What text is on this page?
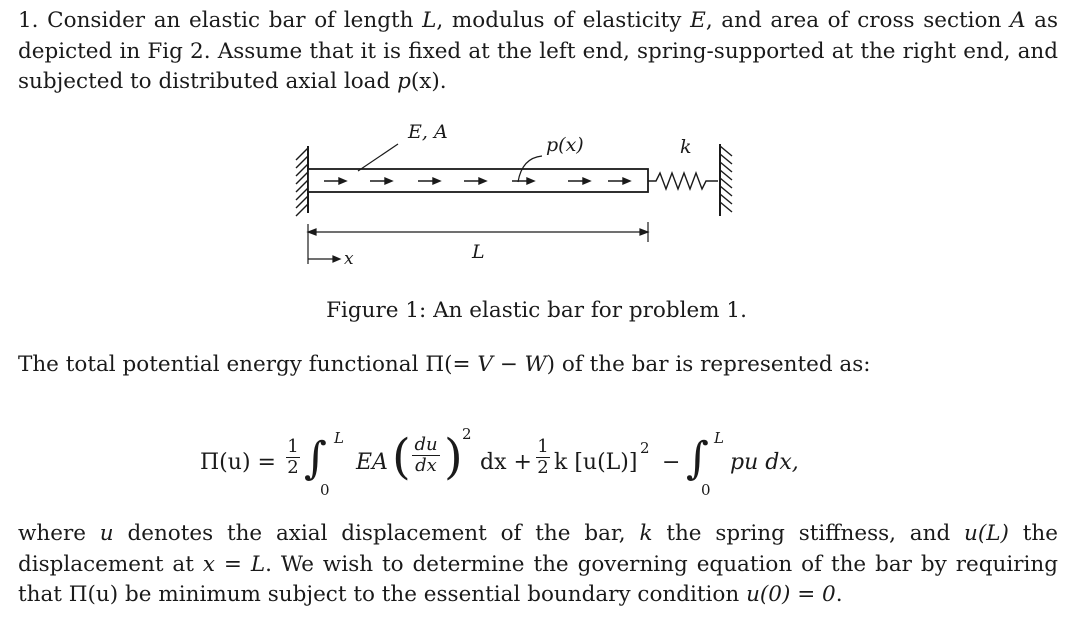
1. Consider an elastic bar of length L, modulus of elasticity E, and area of cross section A as depicted in Fig 2. Assume that it is fixed at the left end, spring-supported at the right end, and subjected to distributed axial load p(x).
E, A
p(x)	k
L
x
Figure 1: An elastic bar for problem 1.
The total potential energy functional Π(= V − W) of the bar is represented as:
Π(u) =
1
2 ∫ L
0
EA ( du
dx ) 2
dx +
1
2 k [u(L)]
2
− ∫ L
0
pu dx,
where u denotes the axial displacement of the bar, k the spring stiffness, and u(L) the displacement at x = L. We wish to determine the governing equation of the bar by requiring that Π(u) be minimum subject to the essential boundary condition u(0) = 0.
